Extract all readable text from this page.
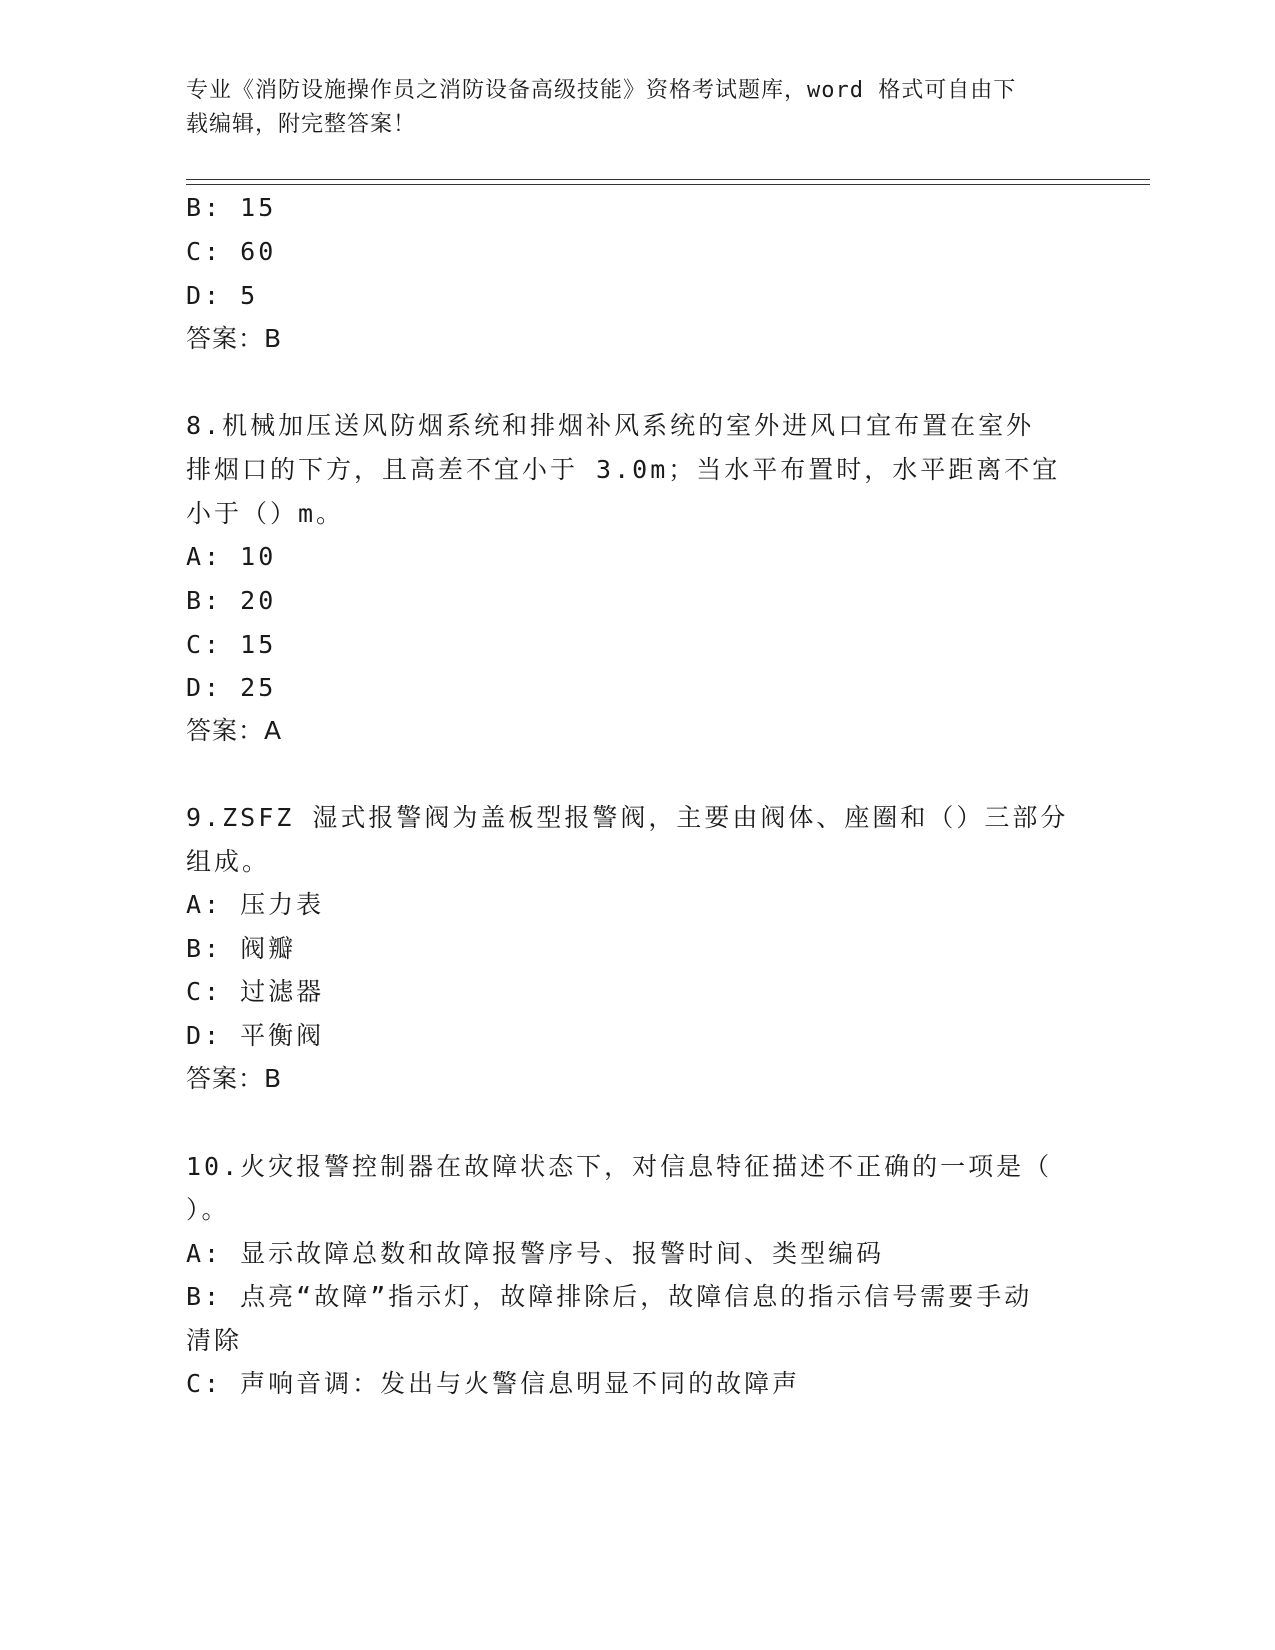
专业《消防设施操作员之消防设备高级技能》资格考试题库，word 格式可自由下
载编辑，附完整答案！
B: 15
C: 60
D: 5
答案：B
8.机械加压送风防烟系统和排烟补风系统的室外进风口宜布置在室外
排烟口的下方，且高差不宜小于 3.0m；当水平布置时，水平距离不宜
小于（）m。
A: 10
B: 20
C: 15
D: 25
答案：A
9.ZSFZ 湿式报警阀为盖板型报警阀，主要由阀体、座圈和（）三部分
组成。
A: 压力表
B: 阀瓣
C: 过滤器
D: 平衡阀
答案：B
10.火灾报警控制器在故障状态下，对信息特征描述不正确的一项是（
）。
A: 显示故障总数和故障报警序号、报警时间、类型编码
B: 点亮“故障”指示灯，故障排除后，故障信息的指示信号需要手动
清除
C: 声响音调：发出与火警信息明显不同的故障声
